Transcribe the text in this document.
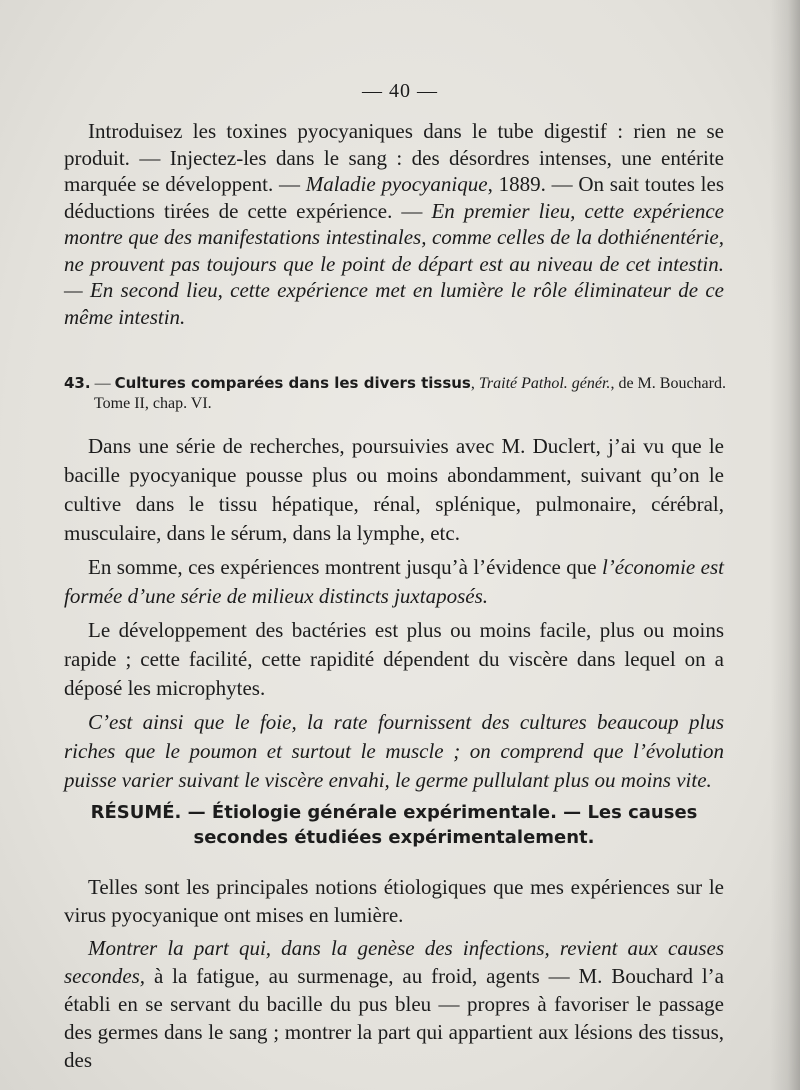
— 40 —

Introduisez les toxines pyocyaniques dans le tube digestif : rien ne se produit. — Injectez-les dans le sang : des désordres intenses, une entérite marquée se développent. — Maladie pyocyanique, 1889. — On sait toutes les déductions tirées de cette expérience. — En premier lieu, cette expérience montre que des manifestations intestinales, comme celles de la dothiénentérie, ne prouvent pas toujours que le point de départ est au niveau de cet intestin. — En second lieu, cette expérience met en lumière le rôle éliminateur de ce même intestin.

43. — Cultures comparées dans les divers tissus, Traité Pathol. génér., de M. Bouchard.
Tome II, chap. VI.

Dans une série de recherches, poursuivies avec M. Duclert, j’ai vu que le bacille pyocyanique pousse plus ou moins abondamment, suivant qu’on le cultive dans le tissu hépatique, rénal, splénique, pulmonaire, cérébral, musculaire, dans le sérum, dans la lymphe, etc.

En somme, ces expériences montrent jusqu’à l’évidence que l’économie est formée d’une série de milieux distincts juxtaposés.

Le développement des bactéries est plus ou moins facile, plus ou moins rapide ; cette facilité, cette rapidité dépendent du viscère dans lequel on a déposé les microphytes.

C’est ainsi que le foie, la rate fournissent des cultures beaucoup plus riches que le poumon et surtout le muscle ; on comprend que l’évolution puisse varier suivant le viscère envahi, le germe pullulant plus ou moins vite.

RÉSUMÉ. — Étiologie générale expérimentale. — Les causes
secondes étudiées expérimentalement.

Telles sont les principales notions étiologiques que mes expériences sur le virus pyocyanique ont mises en lumière.

Montrer la part qui, dans la genèse des infections, revient aux causes secondes, à la fatigue, au surmenage, au froid, agents — M. Bouchard l’a établi en se servant du bacille du pus bleu — propres à favoriser le passage des germes dans le sang ; montrer la part qui appartient aux lésions des tissus, des
